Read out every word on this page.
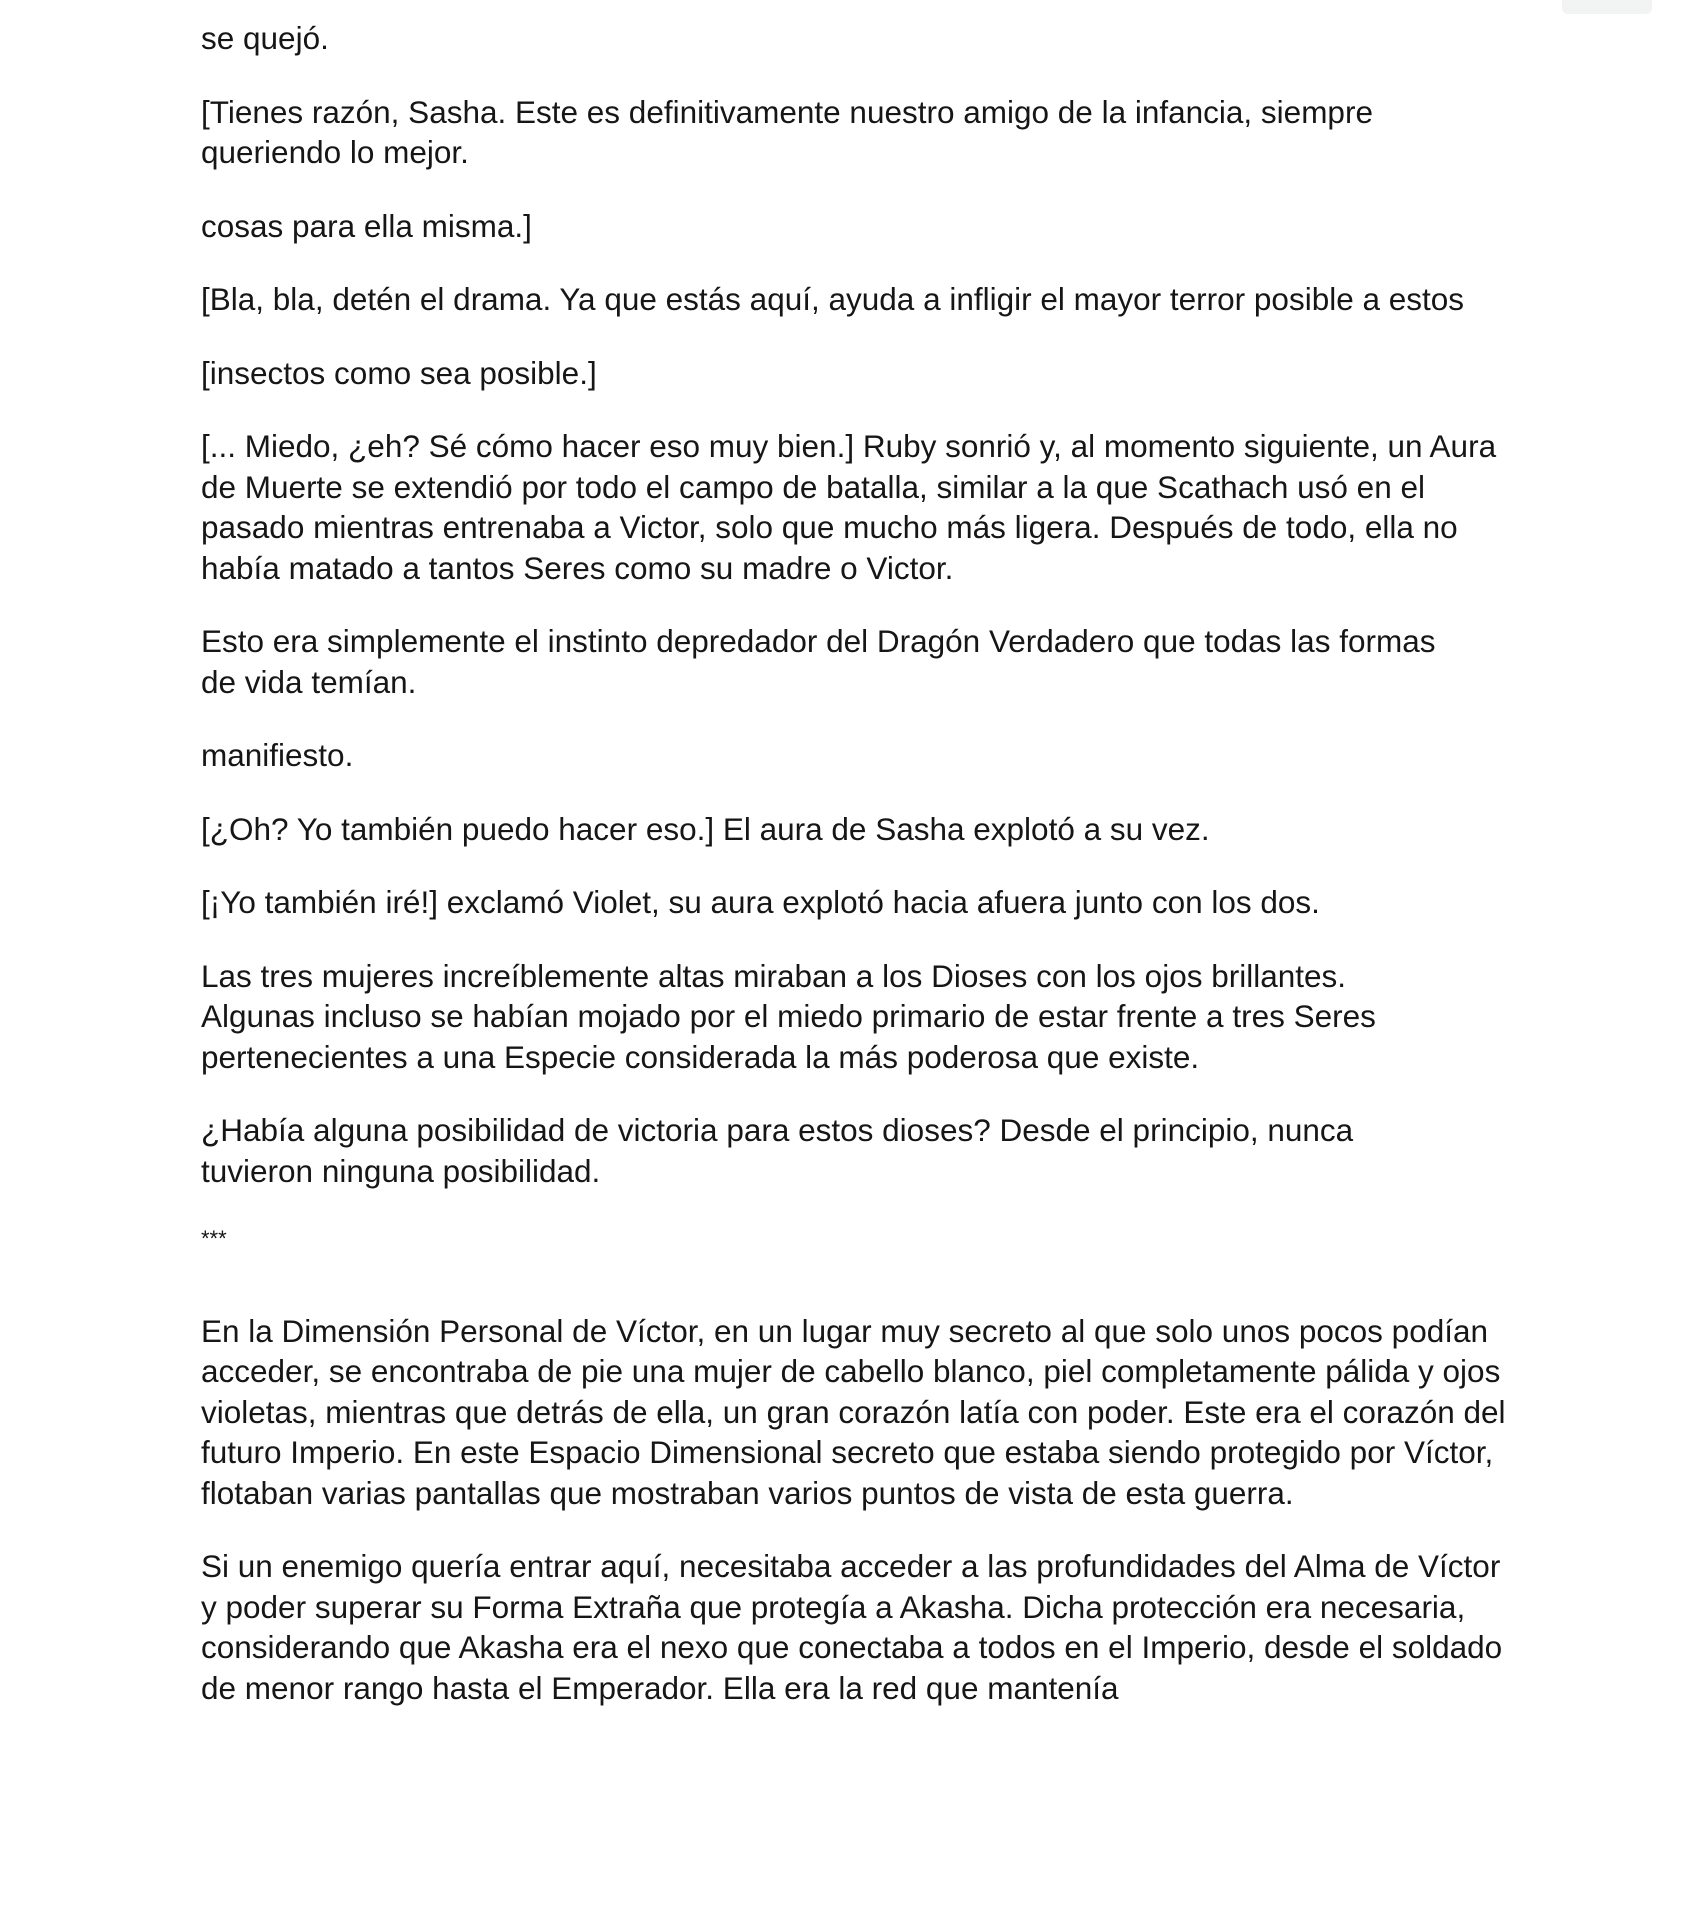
se quejó.

[Tienes razón, Sasha. Este es definitivamente nuestro amigo de la infancia, siempre queriendo lo mejor.

cosas para ella misma.]

[Bla, bla, detén el drama. Ya que estás aquí, ayuda a infligir el mayor terror posible a estos

[insectos como sea posible.]

[... Miedo, ¿eh? Sé cómo hacer eso muy bien.] Ruby sonrió y, al momento siguiente, un Aura de Muerte se extendió por todo el campo de batalla, similar a la que Scathach usó en el pasado mientras entrenaba a Victor, solo que mucho más ligera. Después de todo, ella no había matado a tantos Seres como su madre o Victor.

Esto era simplemente el instinto depredador del Dragón Verdadero que todas las formas de vida temían.

manifiesto.

[¿Oh? Yo también puedo hacer eso.] El aura de Sasha explotó a su vez.

[¡Yo también iré!] exclamó Violet, su aura explotó hacia afuera junto con los dos.

Las tres mujeres increíblemente altas miraban a los Dioses con los ojos brillantes. Algunas incluso se habían mojado por el miedo primario de estar frente a tres Seres pertenecientes a una Especie considerada la más poderosa que existe.

¿Había alguna posibilidad de victoria para estos dioses? Desde el principio, nunca tuvieron ninguna posibilidad.

***

En la Dimensión Personal de Víctor, en un lugar muy secreto al que solo unos pocos podían acceder, se encontraba de pie una mujer de cabello blanco, piel completamente pálida y ojos violetas, mientras que detrás de ella, un gran corazón latía con poder. Este era el corazón del futuro Imperio. En este Espacio Dimensional secreto que estaba siendo protegido por Víctor, flotaban varias pantallas que mostraban varios puntos de vista de esta guerra.

Si un enemigo quería entrar aquí, necesitaba acceder a las profundidades del Alma de Víctor y poder superar su Forma Extraña que protegía a Akasha. Dicha protección era necesaria, considerando que Akasha era el nexo que conectaba a todos en el Imperio, desde el soldado de menor rango hasta el Emperador. Ella era la red que mantenía
